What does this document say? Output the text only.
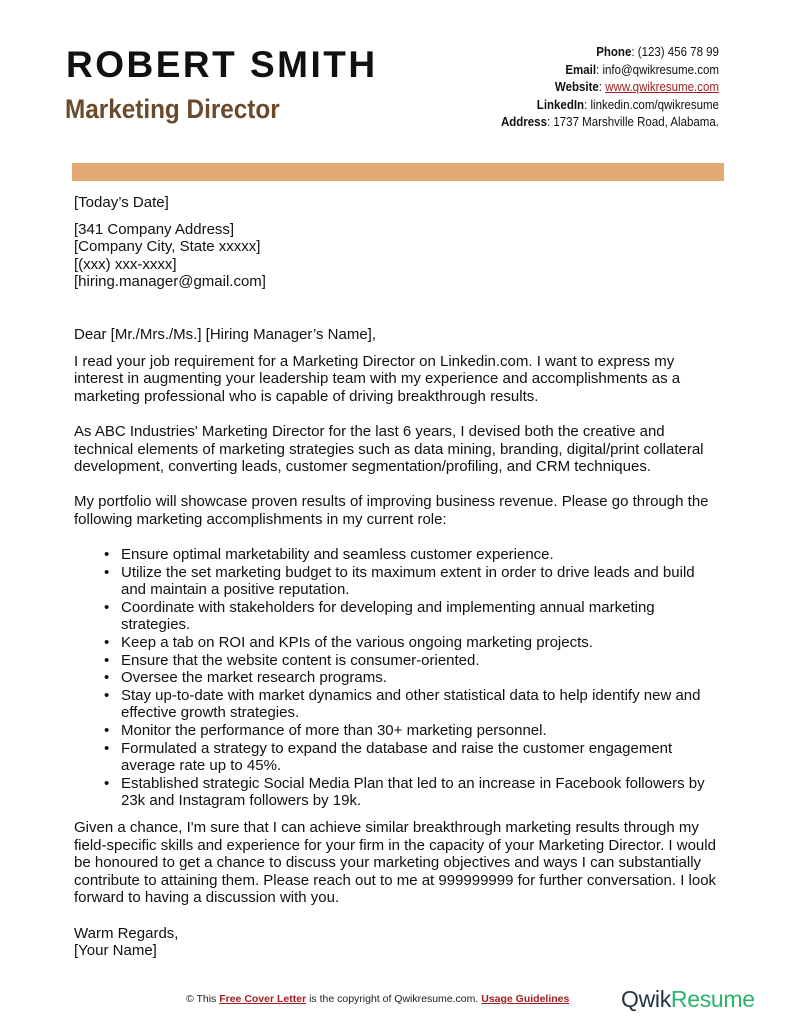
ROBERT SMITH
Marketing Director
Phone: (123) 456 78 99
Email: info@qwikresume.com
Website: www.qwikresume.com
LinkedIn: linkedin.com/qwikresume
Address: 1737 Marshville Road, Alabama.
[Today’s Date]
[341 Company Address]
[Company City, State xxxxx]
[(xxx) xxx-xxxx]
[hiring.manager@gmail.com]
Dear [Mr./Mrs./Ms.] [Hiring Manager’s Name],
I read your job requirement for a Marketing Director on Linkedin.com. I want to express my
interest in augmenting your leadership team with my experience and accomplishments as a
marketing professional who is capable of driving breakthrough results.
As ABC Industries' Marketing Director for the last 6 years, I devised both the creative and
technical elements of marketing strategies such as data mining, branding, digital/print collateral
development, converting leads, customer segmentation/profiling, and CRM techniques.
My portfolio will showcase proven results of improving business revenue. Please go through the
following marketing accomplishments in my current role:
• Ensure optimal marketability and seamless customer experience.
• Utilize the set marketing budget to its maximum extent in order to drive leads and build
and maintain a positive reputation.
• Coordinate with stakeholders for developing and implementing annual marketing
strategies.
• Keep a tab on ROI and KPIs of the various ongoing marketing projects.
• Ensure that the website content is consumer-oriented.
• Oversee the market research programs.
• Stay up-to-date with market dynamics and other statistical data to help identify new and
effective growth strategies.
• Monitor the performance of more than 30+ marketing personnel.
• Formulated a strategy to expand the database and raise the customer engagement
average rate up to 45%.
• Established strategic Social Media Plan that led to an increase in Facebook followers by
23k and Instagram followers by 19k.
Given a chance, I'm sure that I can achieve similar breakthrough marketing results through my
field-specific skills and experience for your firm in the capacity of your Marketing Director. I would
be honoured to get a chance to discuss your marketing objectives and ways I can substantially
contribute to attaining them. Please reach out to me at 999999999 for further conversation. I look
forward to having a discussion with you.
Warm Regards,
[Your Name]
© This Free Cover Letter is the copyright of Qwikresume.com. Usage Guidelines QwikResume
